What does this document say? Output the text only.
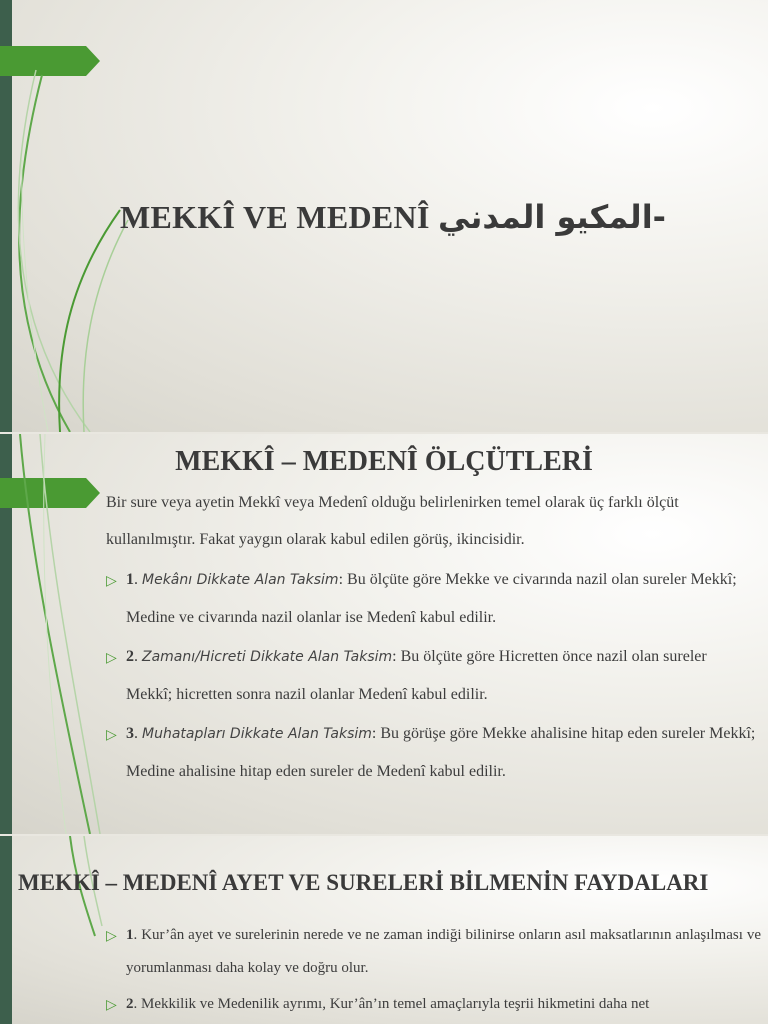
MEKKÎ VE MEDENÎ -المكيو المدني
MEKKÎ – MEDENÎ ÖLÇÜTLERİ
Bir sure veya ayetin Mekkî veya Medenî olduğu belirlenirken temel olarak üç farklı ölçüt kullanılmıştır. Fakat yaygın olarak kabul edilen görüş, ikincisidir.
▷ 1. Mekânı Dikkate Alan Taksim: Bu ölçüte göre Mekke ve civarında nazil olan sureler Mekkî; Medine ve civarında nazil olanlar ise Medenî kabul edilir.
▷ 2. Zamanı/Hicreti Dikkate Alan Taksim: Bu ölçüte göre Hicretten önce nazil olan sureler Mekkî; hicretten sonra nazil olanlar Medenî kabul edilir.
▷ 3. Muhatapları Dikkate Alan Taksim: Bu görüşe göre Mekke ahalisine hitap eden sureler Mekkî; Medine ahalisine hitap eden sureler de Medenî kabul edilir.
MEKKÎ – MEDENÎ AYET VE SURELERİ BİLMENİN FAYDALARI
▷ 1. Kur’ân ayet ve surelerinin nerede ve ne zaman indiği bilinirse onların asıl maksatlarının anlaşılması ve yorumlanması daha kolay ve doğru olur.
▷ 2. Mekkilik ve Medenilik ayrımı, Kur’ân’ın temel amaçlarıyla teşrii hikmetini daha net
